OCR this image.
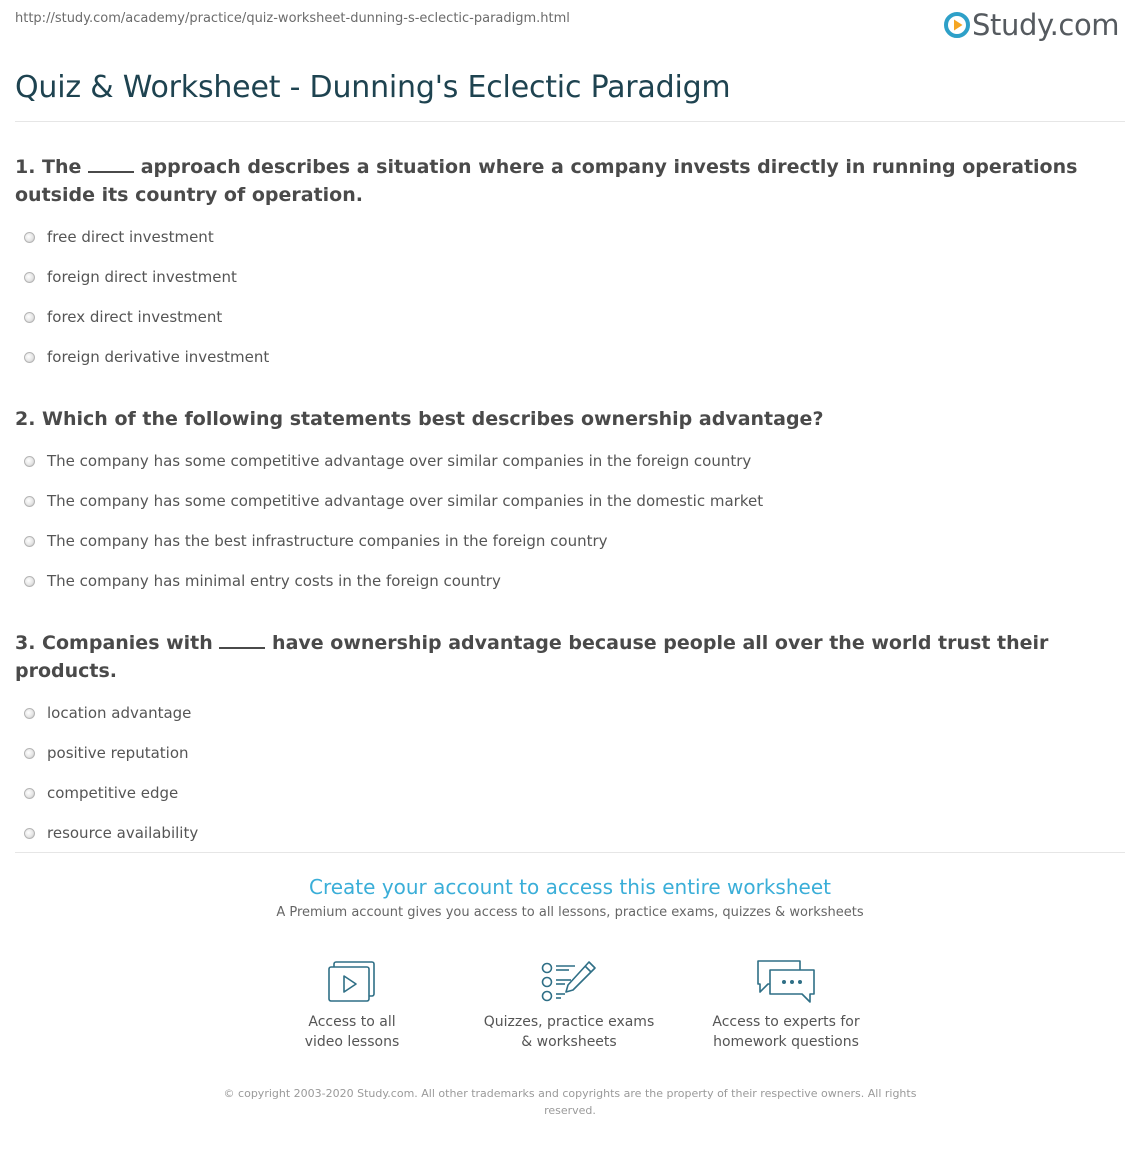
http://study.com/academy/practice/quiz-worksheet-dunning-s-eclectic-paradigm.html	Study.com
Quiz & Worksheet - Dunning's Eclectic Paradigm

1. The	approach describes a situation where a company invests directly in running operations outside its country of operation.

free direct investment
foreign direct investment
forex direct investment
foreign derivative investment

2. Which of the following statements best describes ownership advantage?

The company has some competitive advantage over similar companies in the foreign country
The company has some competitive advantage over similar companies in the domestic market
The company has the best infrastructure companies in the foreign country
The company has minimal entry costs in the foreign country

3. Companies with	have ownership advantage because people all over the world trust their products.

location advantage
positive reputation
competitive edge
resource availability
Create your account to access this entire worksheet
A Premium account gives you access to all lessons, practice exams, quizzes & worksheets
Access to all
video lessons
Quizzes, practice exams
& worksheets
Access to experts for
homework questions
© copyright 2003-2020 Study.com. All other trademarks and copyrights are the property of their respective owners. All rights reserved.
